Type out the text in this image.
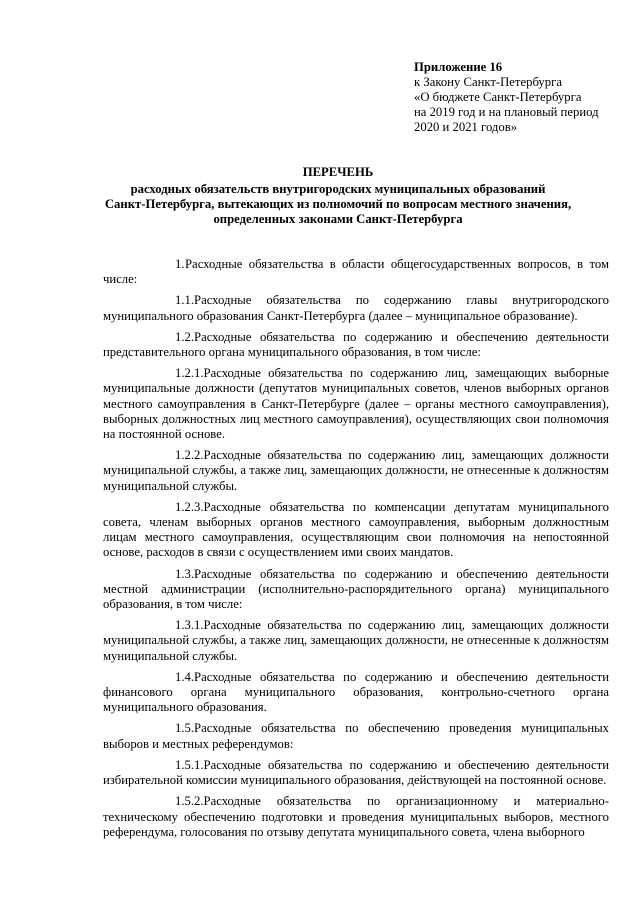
Приложение 16
к Закону Санкт-Петербурга
«О бюджете Санкт-Петербурга
на 2019 год и на плановый период
2020 и 2021 годов»
ПЕРЕЧЕНЬ
расходных обязательств внутригородских муниципальных образований
Санкт-Петербурга, вытекающих из полномочий по вопросам местного значения,
определенных законами Санкт-Петербурга

1.Расходные обязательства в области общегосударственных вопросов, в том числе:

1.1.Расходные обязательства по содержанию главы внутригородского муниципального образования Санкт-Петербурга (далее – муниципальное образование).

1.2.Расходные обязательства по содержанию и обеспечению деятельности представительного органа муниципального образования, в том числе:

1.2.1.Расходные обязательства по содержанию лиц, замещающих выборные муниципальные должности (депутатов муниципальных советов, членов выборных органов местного самоуправления в Санкт-Петербурге (далее – органы местного самоуправления), выборных должностных лиц местного самоуправления), осуществляющих свои полномочия на постоянной основе.

1.2.2.Расходные обязательства по содержанию лиц, замещающих должности муниципальной службы, а также лиц, замещающих должности, не отнесенные к должностям муниципальной службы.

1.2.3.Расходные обязательства по компенсации депутатам муниципального совета, членам выборных органов местного самоуправления, выборным должностным лицам местного самоуправления, осуществляющим свои полномочия на непостоянной основе, расходов в связи с осуществлением ими своих мандатов.

1.3.Расходные обязательства по содержанию и обеспечению деятельности местной администрации (исполнительно-распорядительного органа) муниципального образования, в том числе:

1.3.1.Расходные обязательства по содержанию лиц, замещающих должности муниципальной службы, а также лиц, замещающих должности, не отнесенные к должностям муниципальной службы.

1.4.Расходные обязательства по содержанию и обеспечению деятельности финансового органа муниципального образования, контрольно-счетного органа муниципального образования.

1.5.Расходные обязательства по обеспечению проведения муниципальных выборов и местных референдумов:

1.5.1.Расходные обязательства по содержанию и обеспечению деятельности избирательной комиссии муниципального образования, действующей на постоянной основе.

1.5.2.Расходные обязательства по организационному и материально-техническому обеспечению подготовки и проведения муниципальных выборов, местного референдума, голосования по отзыву депутата муниципального совета, члена выборного
